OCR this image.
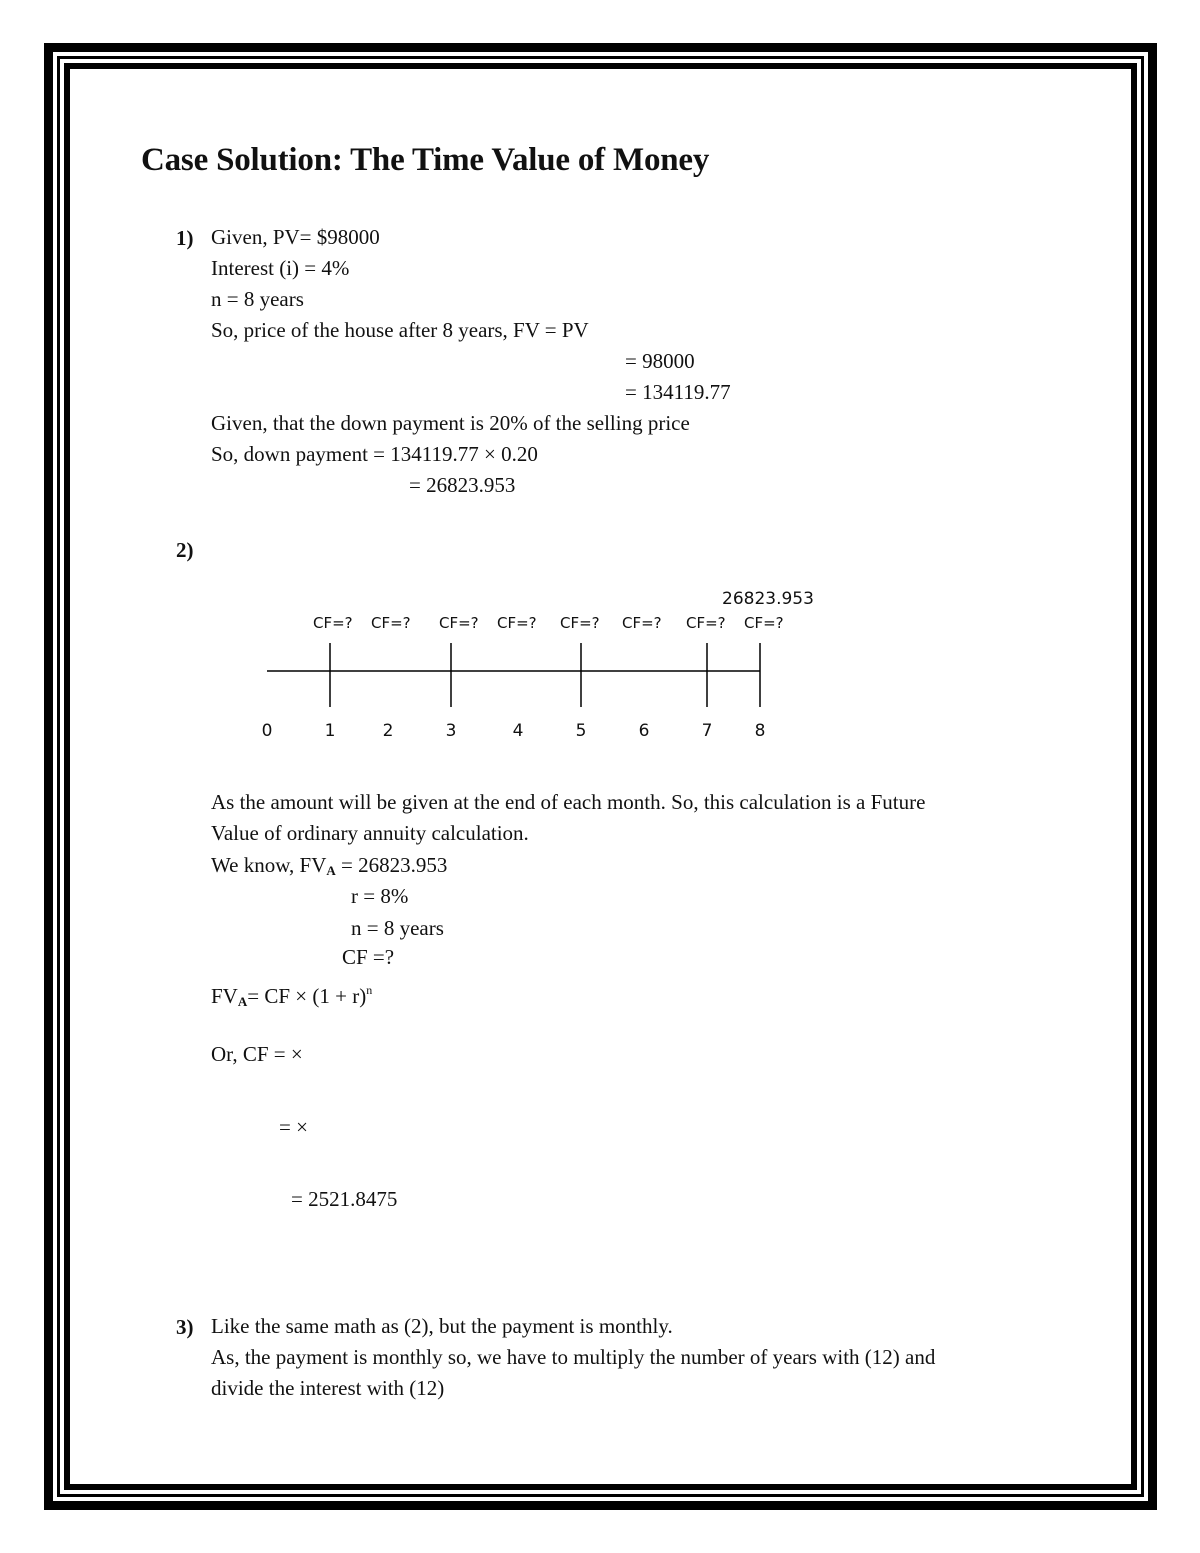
Case Solution: The Time Value of Money
1) Given, PV= $98000
Interest (i) = 4%
n = 8 years
So, price of the house after 8 years, FV = PV
= 98000
= 134119.77
Given, that the down payment is 20% of the selling price
So, down payment = 134119.77 × 0.20
= 26823.953
2)
26823.953
CF=? CF=? CF=? CF=? CF=? CF=? CF=? CF=?
0	1	2	3	4	5	6	7 8
As the amount will be given at the end of each month. So, this calculation is a Future
Value of ordinary annuity calculation.
We know, $FV_A = 26823.953$
r = 8%
n = 8 years
CF =?
$FV_A=$ CF × $(1 + r)^n$
Or, CF = ×
= ×
= 2521.8475
3) Like the same math as (2), but the payment is monthly.
As, the payment is monthly so, we have to multiply the number of years with (12) and
divide the interest with (12)
